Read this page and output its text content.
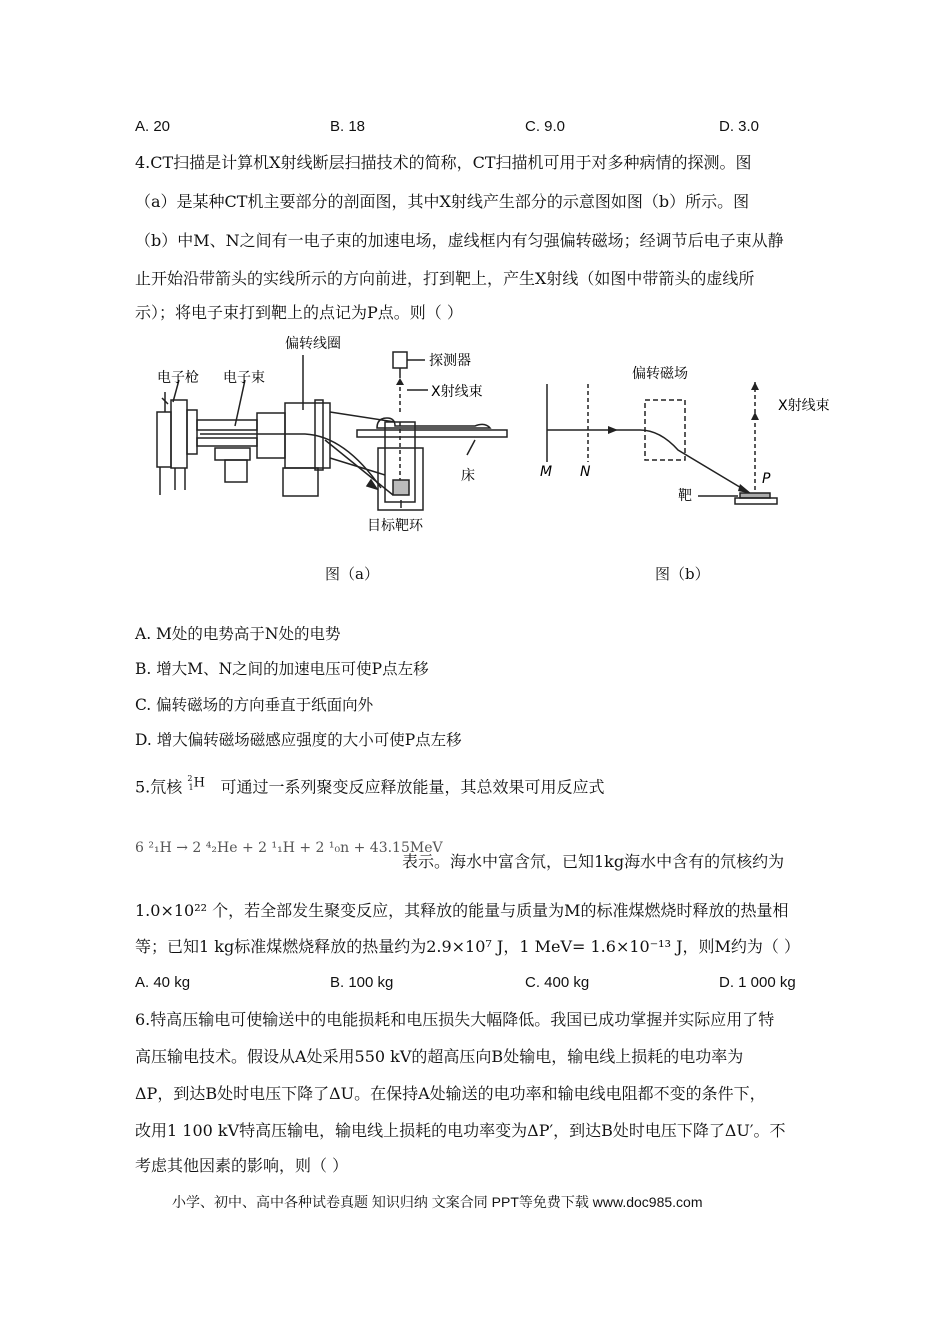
A. 20	B. 18	C. 9.0	D. 3.0
4.CT扫描是计算机X射线断层扫描技术的简称，CT扫描机可用于对多种病情的探测。图
（a）是某种CT机主要部分的剖面图，其中X射线产生部分的示意图如图（b）所示。图
（b）中M、N之间有一电子束的加速电场，虚线框内有匀强偏转磁场；经调节后电子束从静
止开始沿带箭头的实线所示的方向前进，打到靶上，产生X射线（如图中带箭头的虚线所
示）；将电子束打到靶上的点记为P点。则（ ）
电子枪 电子束
偏转线圈
探测器
X射线束
床
目标靶环
图（a）
偏转磁场
X射线束
M N	P
靶
图（b）
A. M处的电势高于N处的电势
B. 增大M、N之间的加速电压可使P点左移
C. 偏转磁场的方向垂直于纸面向外
D. 增大偏转磁场磁感应强度的大小可使P点左移
5.氘核 $^2_1$H 可通过一系列聚变反应释放能量，其总效果可用反应式
6 ²₁H → 2 ⁴₂He + 2 ¹₁H + 2 ¹₀n + 43.15MeV
表示。海水中富含氘，已知1kg海水中含有的氘核约为
1.0×10²² 个，若全部发生聚变反应，其释放的能量与质量为M的标准煤燃烧时释放的热量相
等；已知1 kg标准煤燃烧释放的热量约为2.9×10⁷ J，1 MeV= 1.6×10⁻¹³ J，则M约为（ ）
A. 40 kg	B. 100 kg	C. 400 kg	D. 1 000 kg
6.特高压输电可使输送中的电能损耗和电压损失大幅降低。我国已成功掌握并实际应用了特
高压输电技术。假设从A处采用550 kV的超高压向B处输电，输电线上损耗的电功率为
ΔP，到达B处时电压下降了ΔU。在保持A处输送的电功率和输电线电阻都不变的条件下，
改用1 100 kV特高压输电，输电线上损耗的电功率变为ΔP′，到达B处时电压下降了ΔU′。不
考虑其他因素的影响，则（ ）
小学、初中、高中各种试卷真题 知识归纳 文案合同 PPT等免费下载 www.doc985.com
